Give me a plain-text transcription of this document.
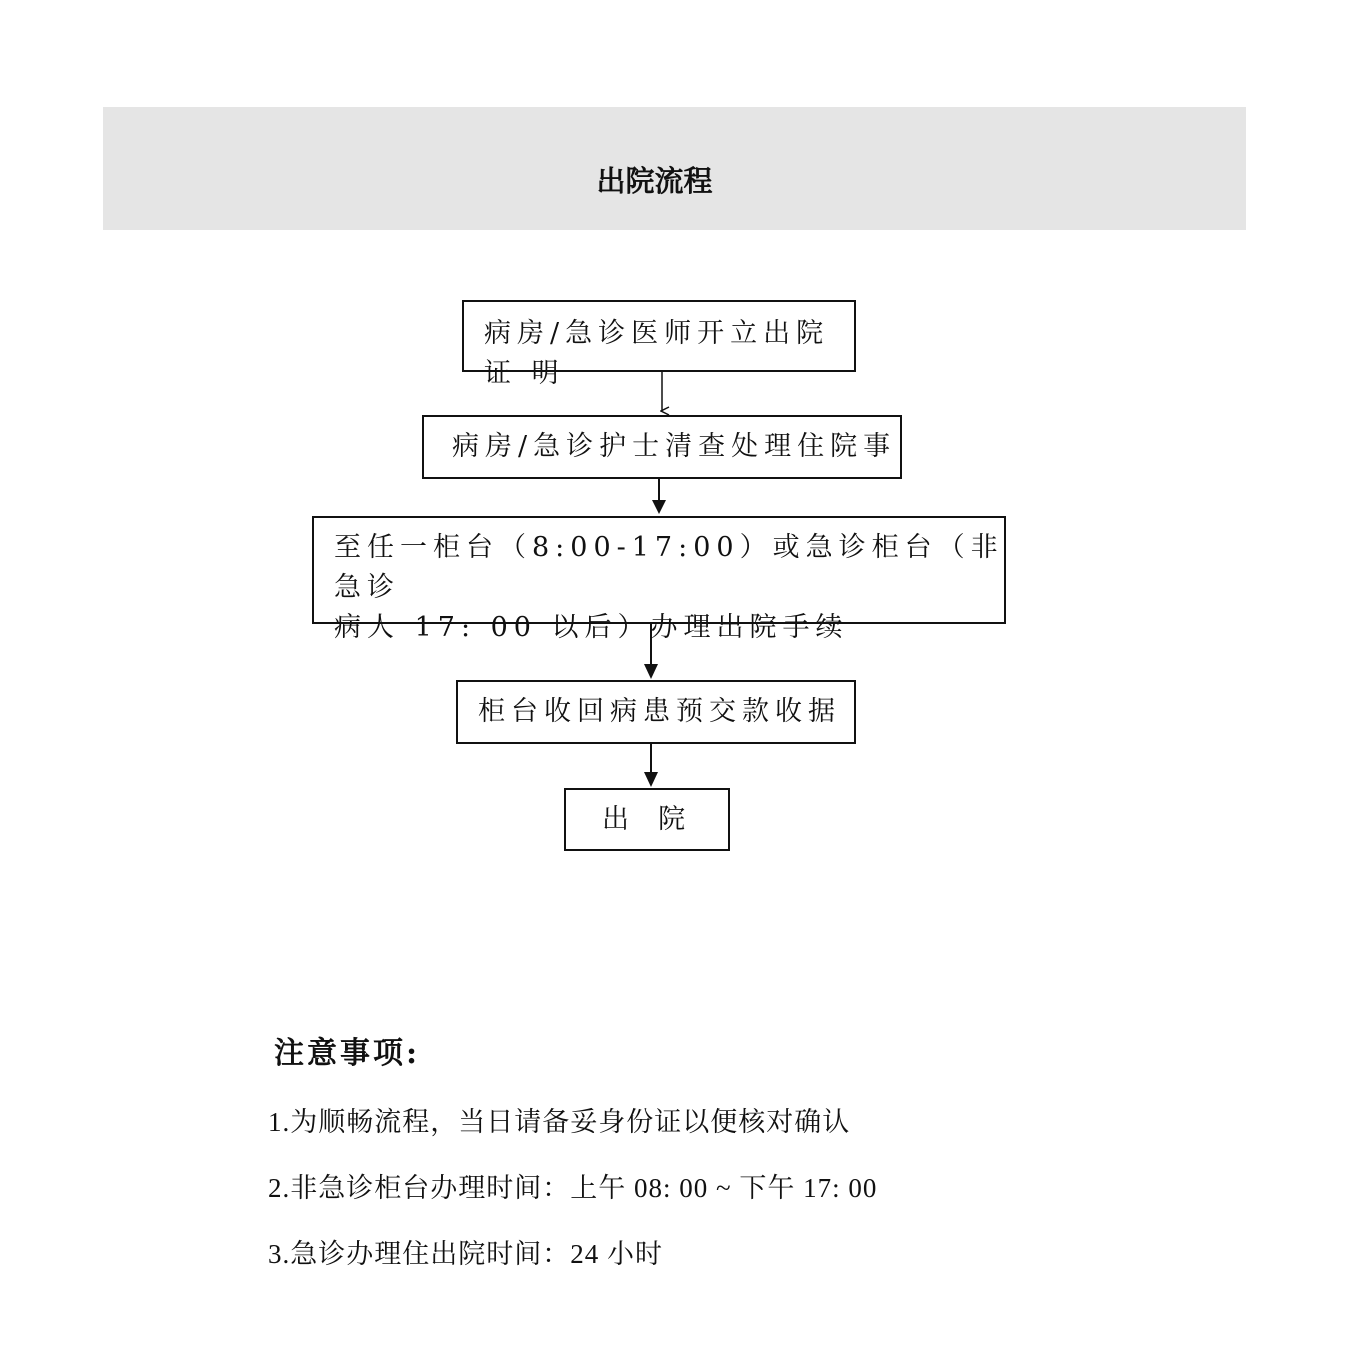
出院流程
病房/急诊医师开立出院
证 明
病房/急诊护士清查处理住院事
至任一柜台（8:00-17:00）或急诊柜台（非急诊
病人 17: 00 以后）办理出院手续
柜台收回病患预交款收据
出  院
注意事项:
1.为顺畅流程，当日请备妥身份证以便核对确认
2.非急诊柜台办理时间：上午 08: 00 ~ 下午 17: 00
3.急诊办理住出院时间：24 小时
